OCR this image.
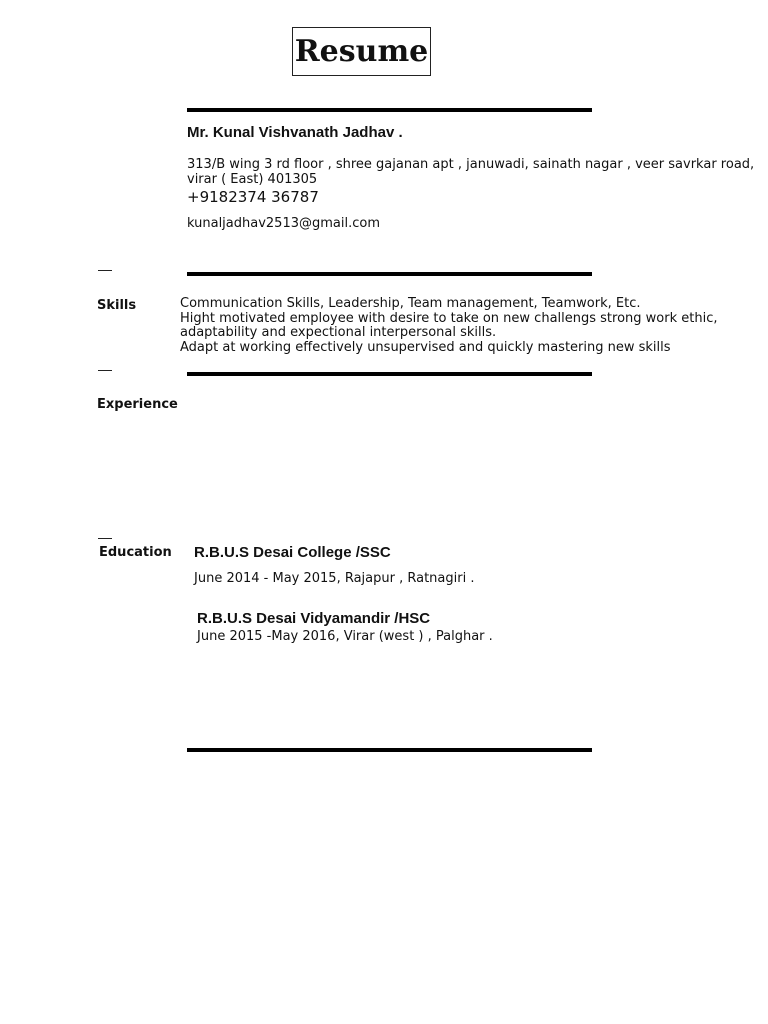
Resume
Mr. Kunal Vishvanath Jadhav .
313/B wing 3 rd floor , shree gajanan apt , januwadi, sainath nagar , veer savrkar road, virar ( East) 401305
+9182374 36787
kunaljadhav2513@gmail.com
Skills	Communication Skills, Leadership, Team management, Teamwork, Etc.
Hight motivated employee with desire to take on new challengs strong work ethic,
adaptability and expectional interpersonal skills.
Adapt at working effectively unsupervised and quickly mastering new skills
Experience
Education R.B.U.S Desai College /SSC
June 2014 - May 2015, Rajapur , Ratnagiri .
R.B.U.S Desai Vidyamandir /HSC
June 2015 -May 2016, Virar (west ) , Palghar .
